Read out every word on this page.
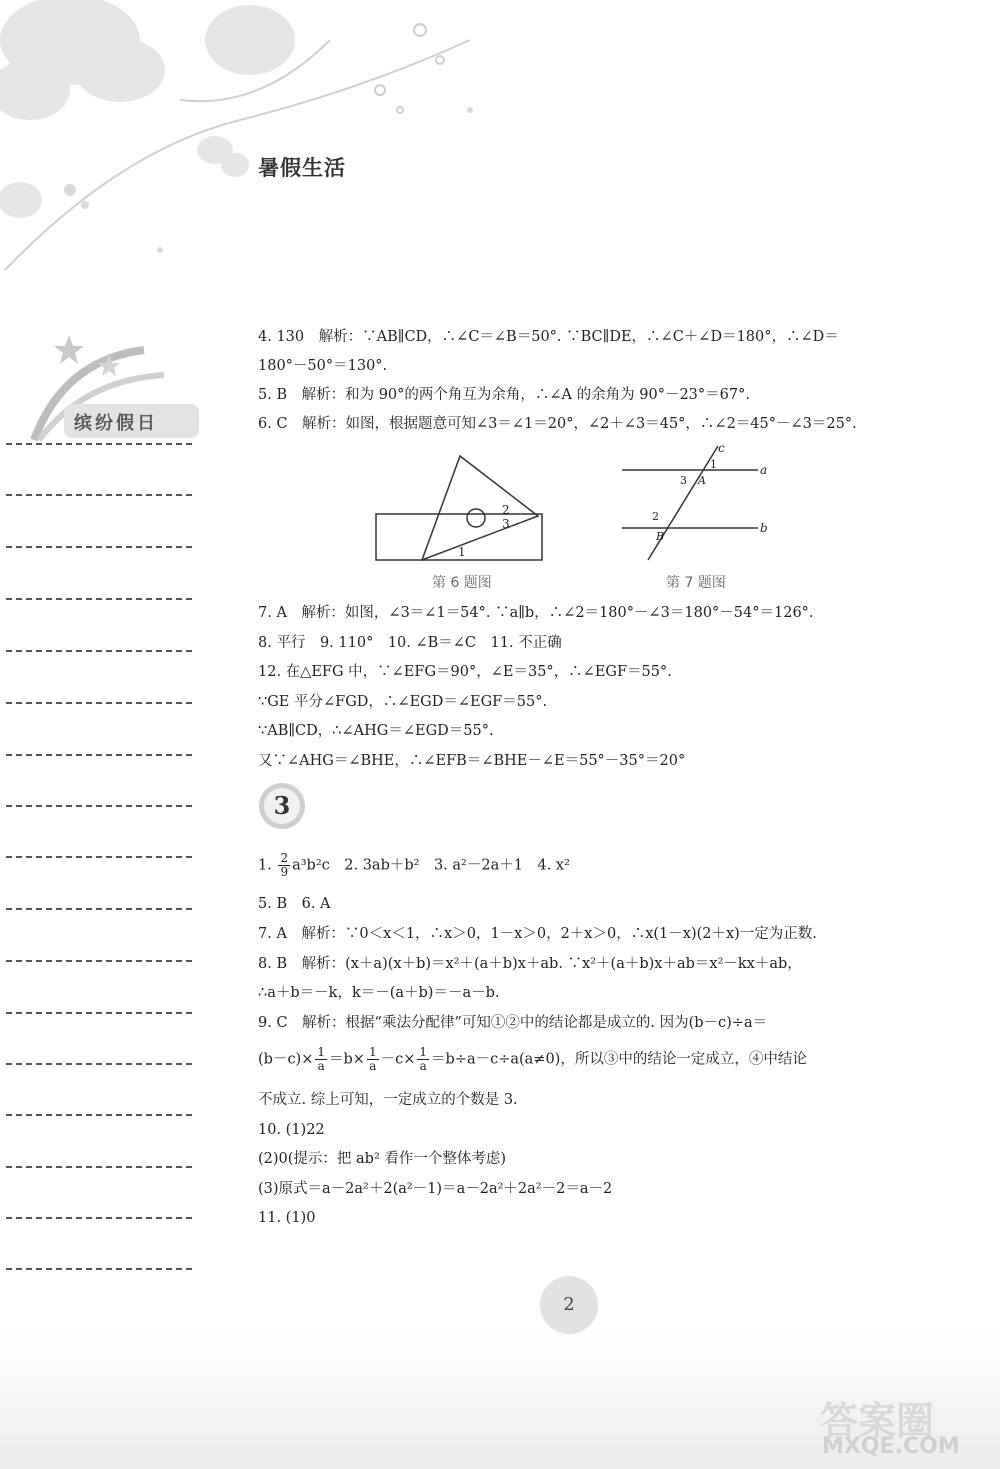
暑假生活
缤纷假日
4. 130　解析：∵AB∥CD，∴∠C＝∠B＝50°. ∵BC∥DE，∴∠C＋∠D＝180°，∴∠D＝
180°－50°＝130°.
5. B　解析：和为 90°的两个角互为余角，∴∠A 的余角为 90°－23°＝67°.
6. C　解析：如图，根据题意可知∠3＝∠1＝20°，∠2＋∠3＝45°，∴∠2＝45°－∠3＝25°.
7. A　解析：如图，∠3＝∠1＝54°. ∵a∥b，∴∠2＝180°－∠3＝180°－54°＝126°.
8. 平行　9. 110°　10. ∠B＝∠C　11. 不正确
12. 在△EFG 中，∵∠EFG＝90°，∠E＝35°，∴∠EGF＝55°.
∵GE 平分∠FGD，∴∠EGD＝∠EGF＝55°.
∵AB∥CD，∴∠AHG＝∠EGD＝55°.
又∵∠AHG＝∠BHE，∴∠EFB＝∠BHE－∠E＝55°－35°＝20°
1. $\frac{2}{9} a^3b^2c$　2. 3ab＋b²　3. a²－2a＋1　4. x²
5. B　6. A
7. A　解析：∵0＜x＜1，∴x＞0，1－x＞0，2＋x＞0，∴x(1－x)(2＋x)一定为正数.
8. B　解析：(x＋a)(x＋b)＝x²＋(a＋b)x＋ab. ∵x²＋(a＋b)x＋ab＝x²－kx＋ab，
∴a＋b＝－k，k＝－(a＋b)＝－a－b.
9. C　解析：根据“乘法分配律”可知①②中的结论都是成立的. 因为(b－c)÷a＝
$(b-c)\times \frac{1}{a} =b\times \frac{1}{a} -c\times \frac{1}{a} =b\div a-c\div a(a\ne 0)$，所以③中的结论一定成立，④中结论
不成立. 综上可知，一定成立的个数是 3.
10. (1)22
(2)0(提示：把 ab² 看作一个整体考虑)
(3)原式＝a－2a²＋2(a²－1)＝a－2a²＋2a²－2＝a－2
11. (1)0
2
3
1
第 6 题图
c
a
b
1
3 A
2
B
第 7 题图
3
2
答案圈
MXQE.COM
